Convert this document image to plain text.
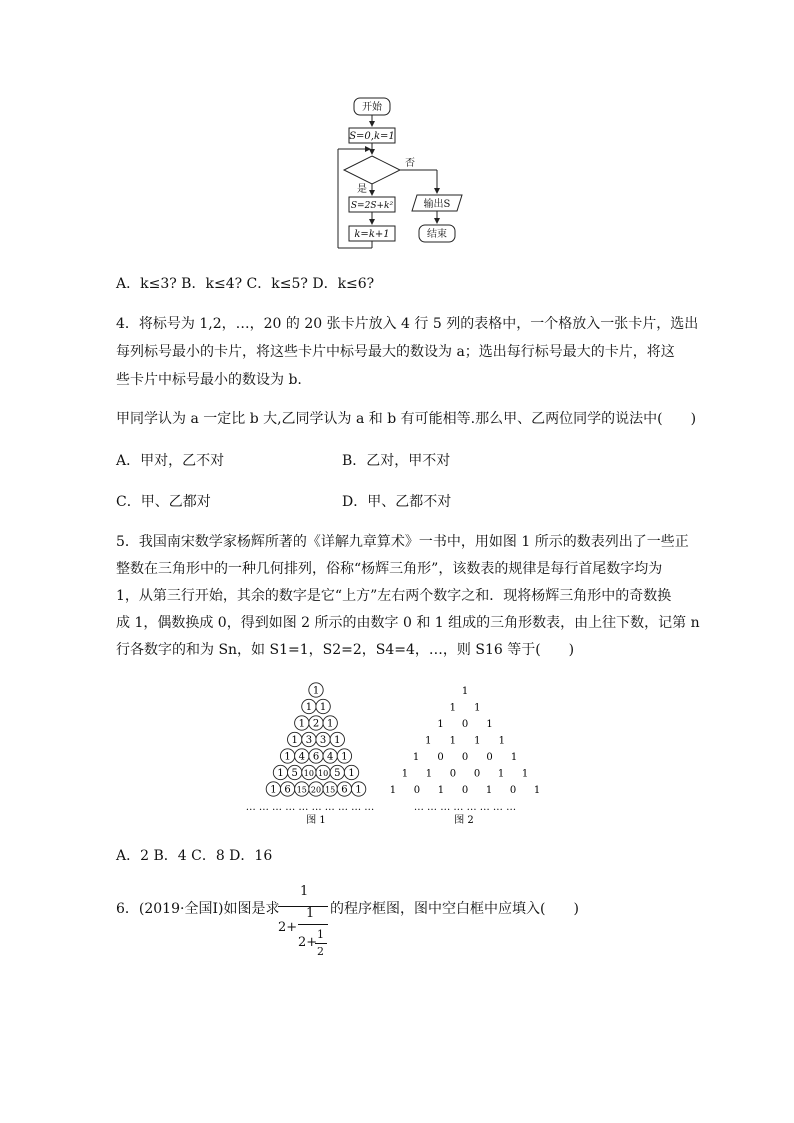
开始
S=0,k=1
否
是
S=2S+k²
k=k+1
输出S
结束
A．k≤3? B．k≤4? C．k≤5? D．k≤6?
4．将标号为 1,2，…，20 的 20 张卡片放入 4 行 5 列的表格中，一个格放入一张卡片，选出
每列标号最小的卡片，将这些卡片中标号最大的数设为 a；选出每行标号最大的卡片，将这
些卡片中标号最小的数设为 b.
甲同学认为 a 一定比 b 大,乙同学认为 a 和 b 有可能相等.那么甲、乙两位同学的说法中(　　)
A．甲对，乙不对	B．乙对，甲不对
C．甲、乙都对	D．甲、乙都不对
5．我国南宋数学家杨辉所著的《详解九章算术》一书中，用如图 1 所示的数表列出了一些正
整数在三角形中的一种几何排列，俗称“杨辉三角形”，该数表的规律是每行首尾数字均为
1，从第三行开始，其余的数字是它“上方”左右两个数字之和．现将杨辉三角形中的奇数换
成 1，偶数换成 0，得到如图 2 所示的由数字 0 和 1 组成的三角形数表，由上往下数，记第 n
行各数字的和为 Sn，如 S1=1，S2=2，S4=4，…，则 S16 等于(　　)
1
1 1
1 2 1
1 3 3 1
1 4 6 4 1
1 5 10 10 5 1
1 6 15 20 15 6 1
1
1 1
1 0 1
1 1 1 1
1 0 0 0 1
1 1 0 0 1 1
1 0 1 0 1 0 1
… … … … … … … … … …	… … … … … … … …
图 1	图 2
A．2 B．4 C．8 D．16
6．(2019·全国Ⅰ)如图是求
1
2+
1
2+
1
2
的程序框图，图中空白框中应填入(　　)
